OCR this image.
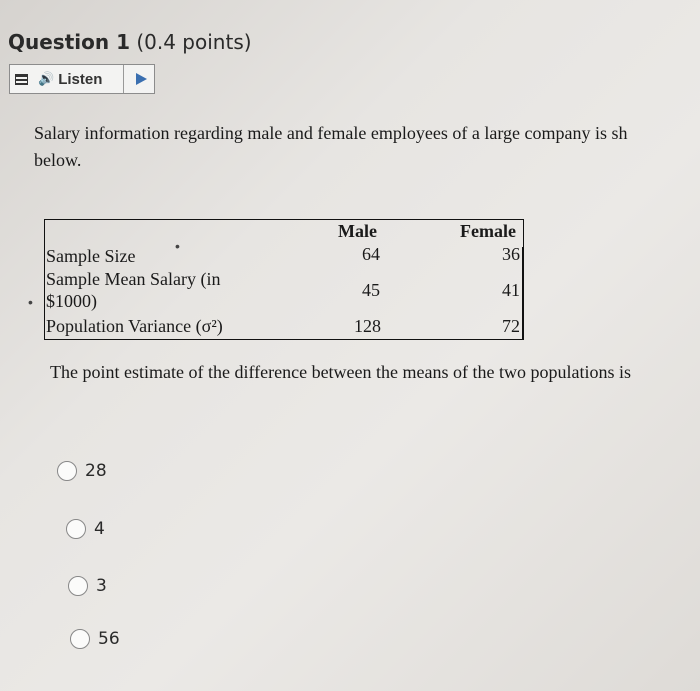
Question 1 (0.4 points)
🔊 Listen
Salary information regarding male and female employees of a large company is sh
below.
Male	Female
Sample Size	64	36
Sample Mean Salary (in
$1000)
45	41
Population Variance (σ²)	128	72
•
•
The point estimate of the difference between the means of the two populations is
28
4
3
56
